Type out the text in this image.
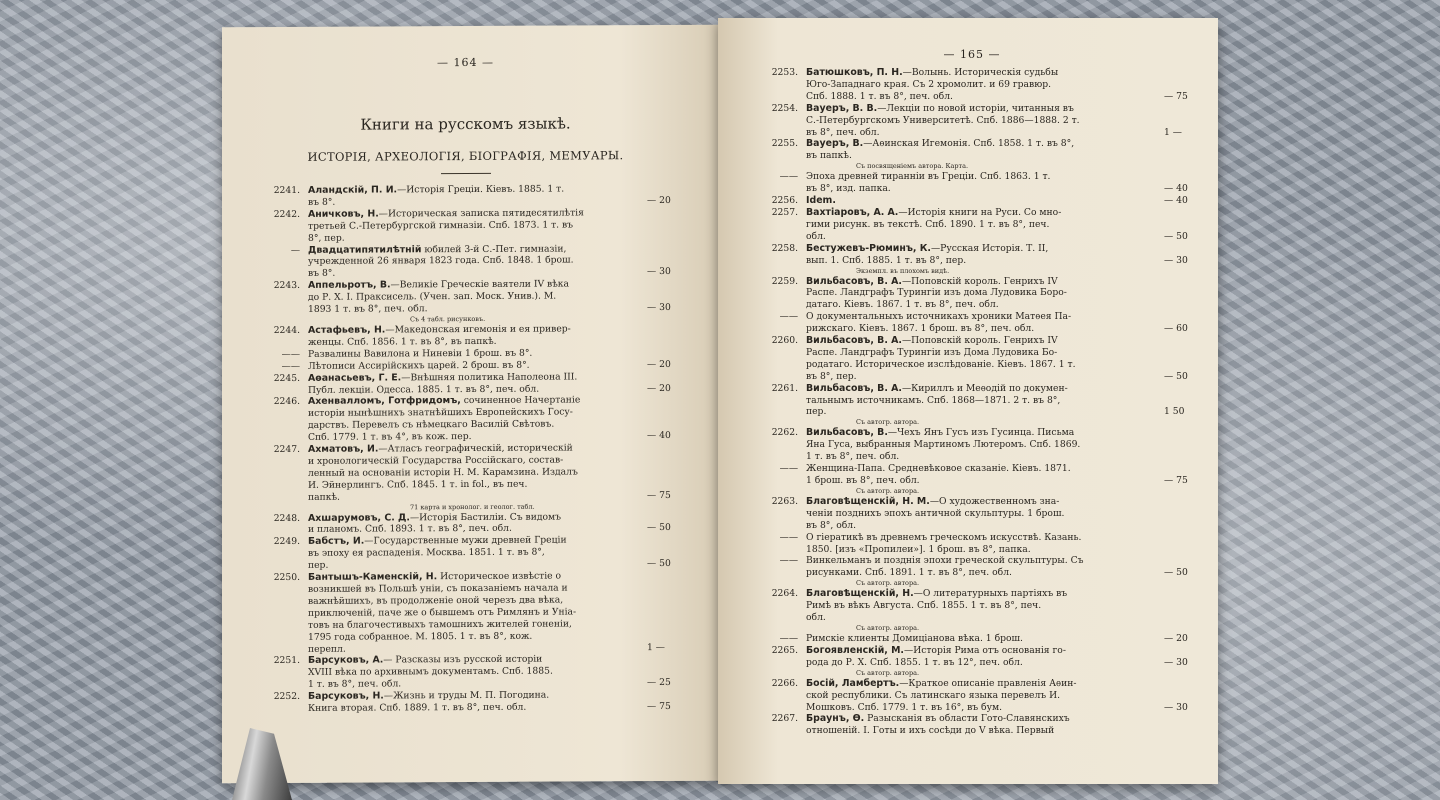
— 164 —
Книги на русскомъ языкѣ.
ИСТОРІЯ, АРХЕОЛОГІЯ, БІОГРАФІЯ, МЕМУАРЫ.
2241. Аландскій, П. И.—Исторія Греціи. Кіевъ. 1885. 1 т.
въ 8°.	— 20
2242. Аничковъ, Н.—Историческая записка пятидесятилѣтія
третьей С.-Петербургской гимназіи. Спб. 1873. 1 т. въ
8°, пер.
— Двадцатипятилѣтній юбилей 3-й С.-Пет. гимназіи,
учрежденной 26 января 1823 года. Спб. 1848. 1 брош.
въ 8°.	— 30
2243. Аппельротъ, В.—Великіе Греческіе ваятели IV вѣка
до Р. Х. I. Праксисель. (Учен. зап. Моск. Унив.). М.
1893 1 т. въ 8°, печ. обл.	— 30
Съ 4 табл. рисунковъ.
2244. Астафьевъ, Н.—Македонская игемонія и ея привер-
женцы. Спб. 1856. 1 т. въ 8°, въ папкѣ.
—— Развалины Вавилона и Ниневіи 1 брош. въ 8°.
—— Лѣтописи Ассирійскихъ царей. 2 брош. въ 8°.	— 20
2245. Аѳанасьевъ, Г. Е.—Внѣшняя политика Наполеона III.
Публ. лекціи. Одесса. 1885. 1 т. въ 8°, печ. обл.	— 20
2246. Ахенвалломъ, Готфридомъ, сочиненное Начертаніе
исторіи нынѣшнихъ знатнѣйшихъ Европейскихъ Госу-
дарствъ. Перевелъ съ нѣмецкаго Василій Свѣтовъ.
Спб. 1779. 1 т. въ 4°, въ кож. пер.	— 40
2247. Ахматовъ, И.—Атласъ географическій, историческій
и хронологическій Государства Россійскаго, состав-
ленный на основаніи исторіи Н. М. Карамзина. Издалъ
И. Эйнерлингъ. Спб. 1845. 1 т. in fol., въ печ.
папкѣ.	— 75
71 карта и хронолог. и геолог. табл.
2248. Ахшарумовъ, С. Д.—Исторія Бастиліи. Съ видомъ
и планомъ. Спб. 1893. 1 т. въ 8°, печ. обл.	— 50
2249. Бабстъ, И.—Государственные мужи древней Греціи
въ эпоху ея распаденія. Москва. 1851. 1 т. въ 8°,
пер.	— 50
2250. Бантышъ-Каменскій, Н. Историческое извѣстіе о
возникшей въ Польшѣ уніи, съ показаніемъ начала и
важнѣйшихъ, въ продолженіе оной черезъ два вѣка,
приключеній, паче же о бывшемъ отъ Римлянъ и Уніа-
товъ на благочестивыхъ тамошнихъ жителей гоненіи,
1795 года собранное. М. 1805. 1 т. въ 8°, кож.
перепл.	1 —
2251. Барсуковъ, А.— Разсказы изъ русской исторіи
XVIII вѣка по архивнымъ документамъ. Спб. 1885.
1 т. въ 8°, печ. обл.	— 25
2252. Барсуковъ, Н.—Жизнь и труды М. П. Погодина.
Книга вторая. Спб. 1889. 1 т. въ 8°, печ. обл.	— 75
— 165 —
2253. Батюшковъ, П. Н.—Волынь. Историческія судьбы
Юго-Западнаго края. Съ 2 хромолит. и 69 гравюр.
Спб. 1888. 1 т. въ 8°, печ. обл.	— 75
2254. Вауеръ, В. В.—Лекціи по новой исторіи, читанныя въ
С.-Петербургскомъ Университетѣ. Спб. 1886—1888. 2 т.
въ 8°, печ. обл.	1 —
2255. Вауеръ, В.—Аѳинская Игемонія. Спб. 1858. 1 т. въ 8°,
въ папкѣ.
Съ посвященіемъ автора. Карта.
—— Эпоха древней тиранніи въ Греціи. Спб. 1863. 1 т.
въ 8°, изд. папка.	— 40
2256. Idem.	— 40
2257. Вахтіаровъ, А. А.—Исторія книги на Руси. Со мно-
гими рисунк. въ текстѣ. Спб. 1890. 1 т. въ 8°, печ.
обл.	— 50
2258. Бестужевъ-Рюминъ, К.—Русская Исторія. Т. II,
вып. 1. Спб. 1885. 1 т. въ 8°, пер.	— 30
Экземпл. въ плохомъ видѣ.
2259. Вильбасовъ, В. А.—Поповскій король. Генрихъ IV
Распе. Ландграфъ Турингіи изъ дома Лудовика Боро-
датаго. Кіевъ. 1867. 1 т. въ 8°, печ. обл.
—— О документальныхъ источникахъ хроники Матѳея Па-
рижскаго. Кіевъ. 1867. 1 брош. въ 8°, печ. обл.	— 60
2260. Вильбасовъ, В. А.—Поповскій король. Генрихъ IV
Распе. Ландграфъ Турингіи изъ Дома Лудовика Бо-
родатаго. Историческое изслѣдованіе. Кіевъ. 1867. 1 т.
въ 8°, пер.	— 50
2261. Вильбасовъ, В. А.—Кириллъ и Меѳодій по докумен-
тальнымъ источникамъ. Спб. 1868—1871. 2 т. въ 8°,
пер.	1 50
Съ автогр. автора.
2262. Вильбасовъ, В.—Чехъ Янъ Гусъ изъ Гусинца. Письма
Яна Гуса, выбранныя Мартиномъ Лютеромъ. Спб. 1869.
1 т. въ 8°, печ. обл.
—— Женщина-Папа. Средневѣковое сказаніе. Кіевъ. 1871.
1 брош. въ 8°, печ. обл.	— 75
Съ автогр. автора.
2263. Благовѣщенскій, Н. М.—О художественномъ зна-
ченіи позднихъ эпохъ античной скульптуры. 1 брош.
въ 8°, обл.
—— О гіератикѣ въ древнемъ греческомъ искусствѣ. Казань.
1850. [изъ «Пропилеи»]. 1 брош. въ 8°, папка.
—— Винкельманъ и позднія эпохи греческой скульптуры. Съ
рисунками. Спб. 1891. 1 т. въ 8°, печ. обл.	— 50
Съ автогр. автора.
2264. Благовѣщенскій, Н.—О литературныхъ партіяхъ въ
Римѣ въ вѣкъ Августа. Спб. 1855. 1 т. въ 8°, печ.
обл.
Съ автогр. автора.
—— Римскіе клиенты Домиціанова вѣка. 1 брош.	— 20
2265. Богоявленскій, М.—Исторія Рима отъ основанія го-
рода до Р. Х. Спб. 1855. 1 т. въ 12°, печ. обл.	— 30
Съ автогр. автора.
2266. Босій, Ламбертъ.—Краткое описаніе правленія Аѳин-
ской республики. Съ латинскаго языка перевелъ И.
Мошковъ. Спб. 1779. 1 т. въ 16°, въ бум.	— 30
2267. Браунъ, Ѳ. Разысканія въ области Гото-Славянскихъ
отношеній. I. Готы и ихъ сосѣди до V вѣка. Первый
